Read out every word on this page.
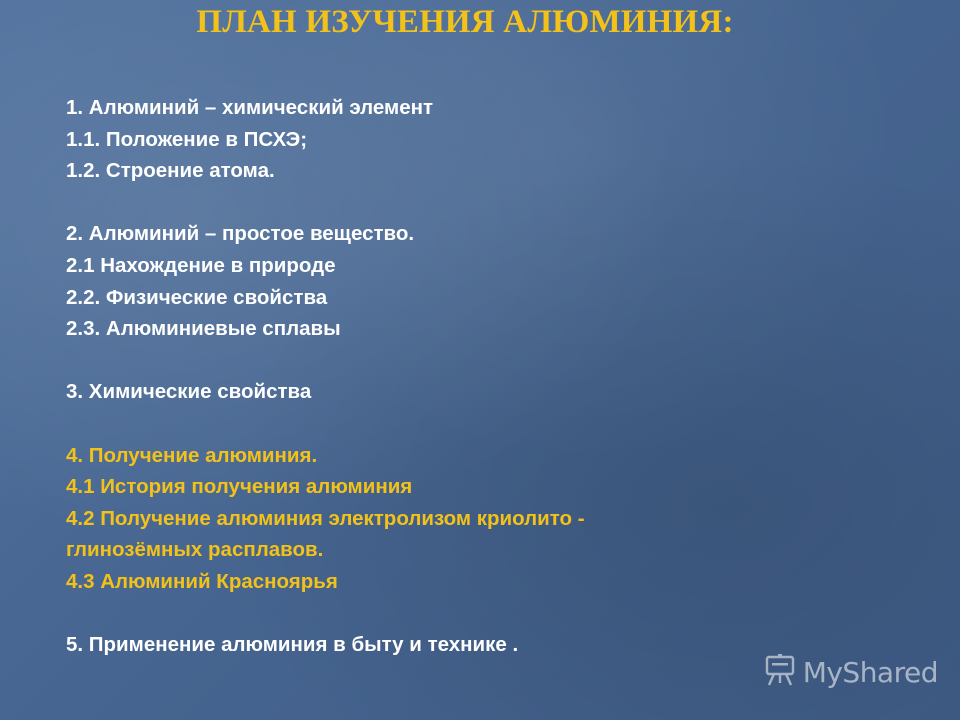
ПЛАН ИЗУЧЕНИЯ АЛЮМИНИЯ:
1. Алюминий – химический элемент
1.1. Положение в ПСХЭ;
1.2. Строение атома.
2. Алюминий – простое вещество.
2.1 Нахождение в природе
2.2. Физические свойства
2.3. Алюминиевые сплавы
3. Химические свойства
4. Получение алюминия.
4.1 История получения алюминия
4.2 Получение алюминия электролизом криолито -
глинозёмных расплавов.
4.3 Алюминий Красноярья
5. Применение алюминия в быту и технике .
MyShared
